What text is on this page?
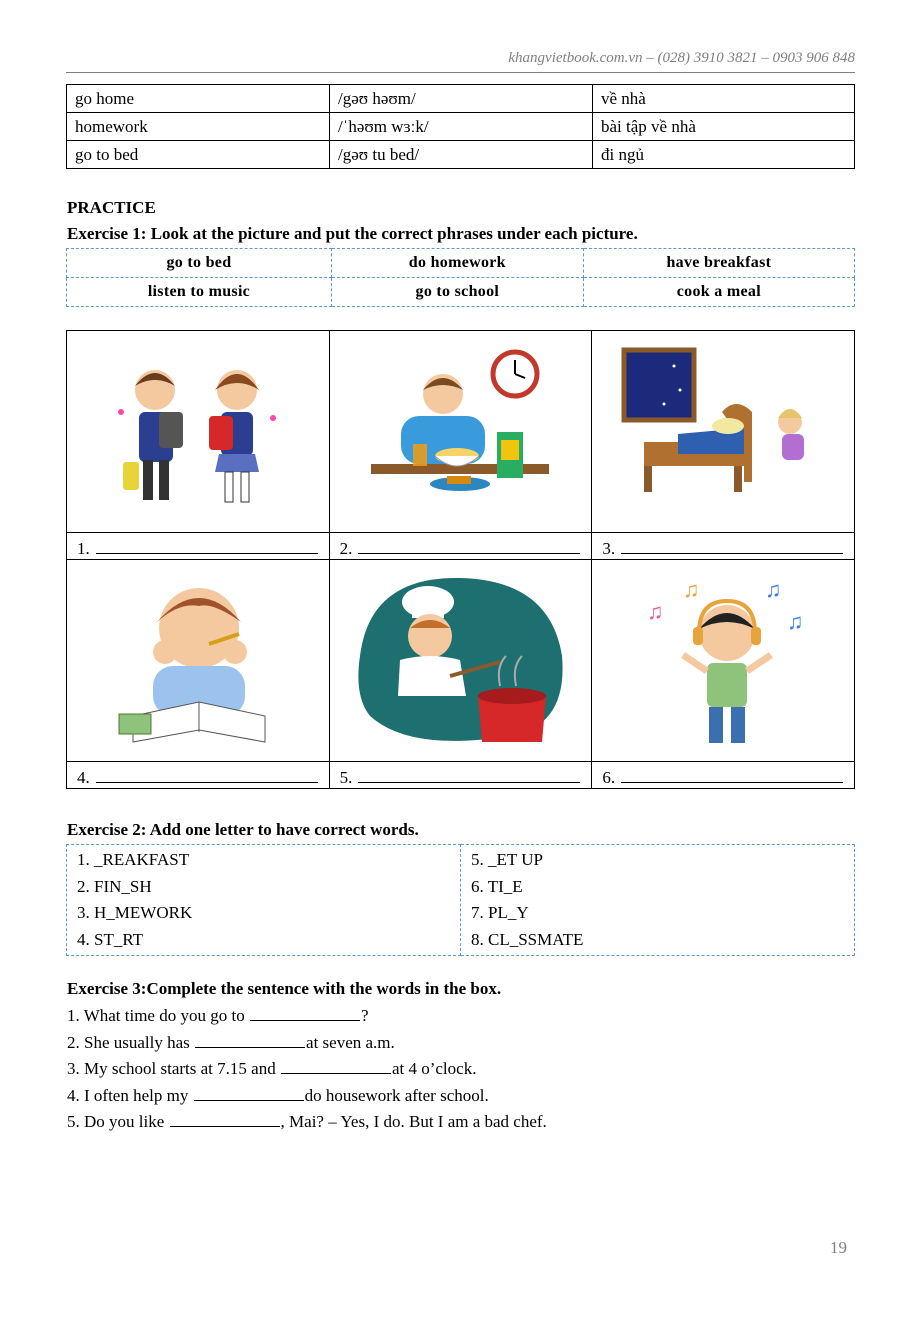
khangvietbook.com.vn – (028) 3910 3821 – 0903 906 848
go home	/gəʊ həʊm/	về nhà
homework	/ˈhəʊm wɜːk/	bài tập về nhà
go to bed	/gəʊ tu bed/	đi ngủ
PRACTICE
Exercise 1: Look at the picture and put the correct phrases under each picture.
go to bed	do homework	have breakfast
listen to music	go to school	cook a meal

1.	2.	3.

♫
♫ ♫
♫

4.	5.	6.
Exercise 2: Add one letter to have correct words.
1. _REAKFAST
2. FIN_SH
3. H_MEWORK
4. ST_RT

5. _ET UP
6. TI_E
7. PL_Y
8. CL_SSMATE
Exercise 3:Complete the sentence with the words in the box.
1. What time do you go to	?
2. She usually has	at seven a.m.
3. My school starts at 7.15 and	at 4 o’clock.
4. I often help my	do housework after school.
5. Do you like	, Mai? – Yes, I do. But I am a bad chef.
19
